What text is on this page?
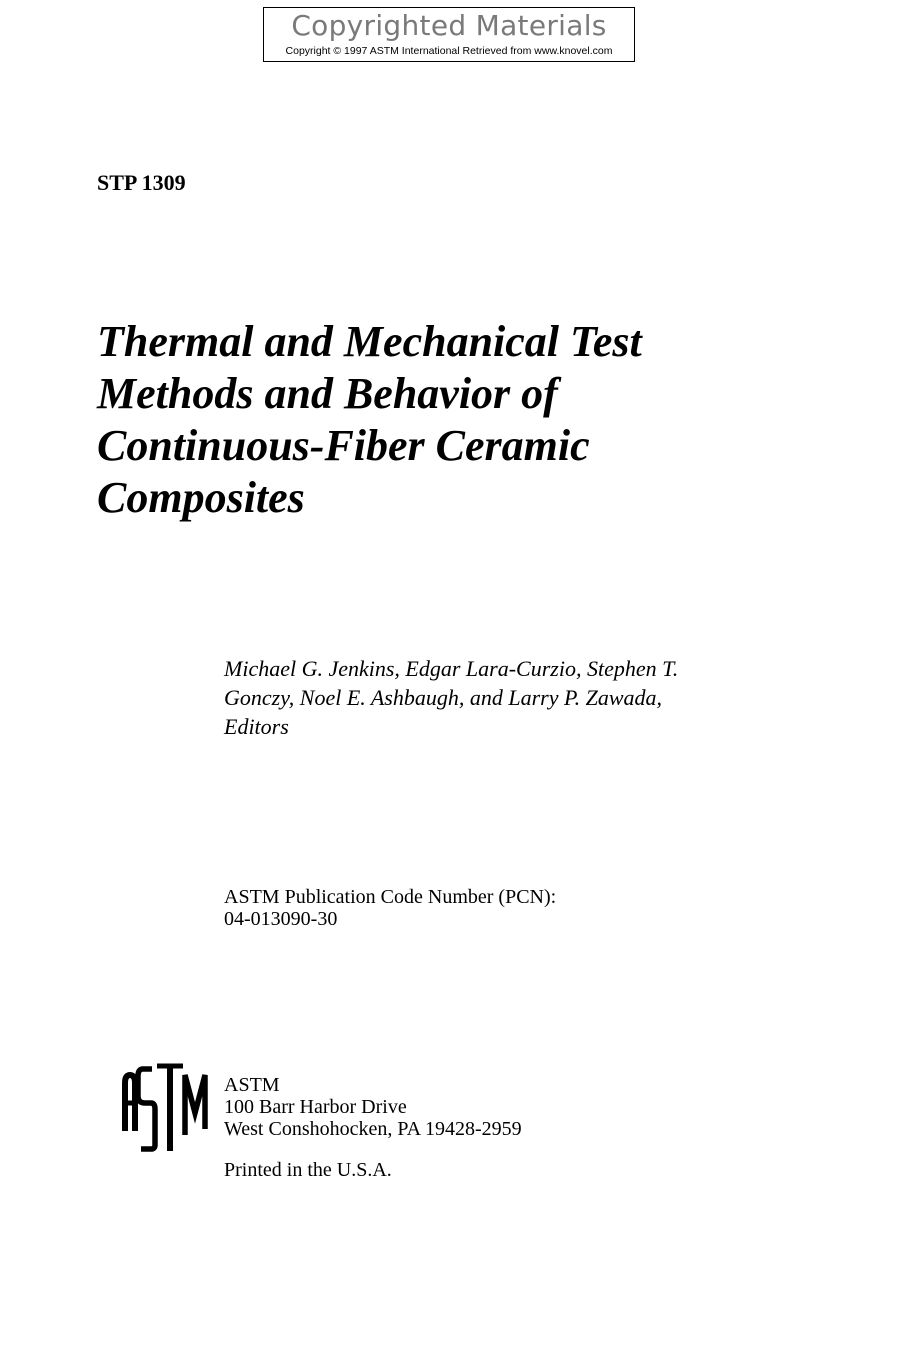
Copyrighted Materials
Copyright © 1997 ASTM International Retrieved from www.knovel.com
STP 1309
Thermal and Mechanical Test
Methods and Behavior of
Continuous-Fiber Ceramic
Composites
Michael G. Jenkins, Edgar Lara-Curzio, Stephen T.
Gonczy, Noel E. Ashbaugh, and Larry P. Zawada,
Editors
ASTM Publication Code Number (PCN):
04-013090-30
ASTM
100 Barr Harbor Drive
West Conshohocken, PA 19428-2959
Printed in the U.S.A.
